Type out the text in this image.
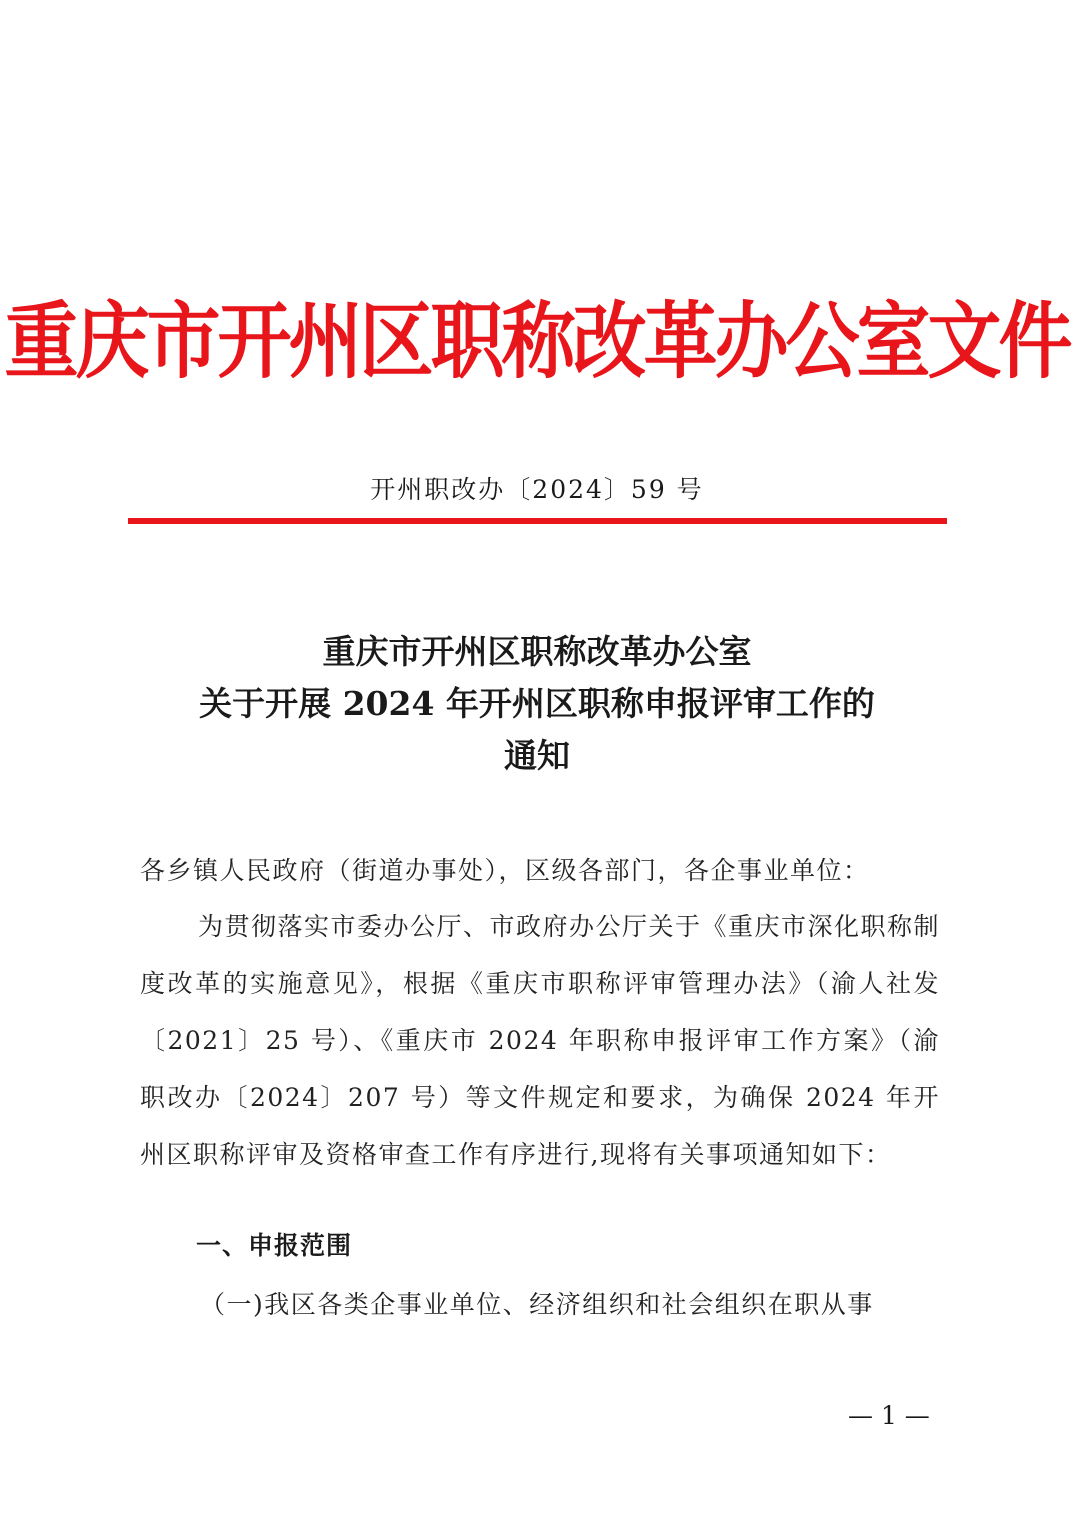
重庆市开州区职称改革办公室文件
开州职改办〔2024〕59 号
重庆市开州区职称改革办公室
关于开展 2024 年开州区职称申报评审工作的
通知
各乡镇人民政府（街道办事处），区级各部门，各企事业单位：
为贯彻落实市委办公厅、市政府办公厅关于《重庆市深化职称制度改革的实施意见》，根据《重庆市职称评审管理办法》（渝人社发〔2021〕25 号）、《重庆市 2024 年职称申报评审工作方案》（渝职改办〔2024〕207 号）等文件规定和要求，为确保 2024 年开州区职称评审及资格审查工作有序进行,现将有关事项通知如下：
一、申报范围
（一)我区各类企事业单位、经济组织和社会组织在职从事
— 1 —
